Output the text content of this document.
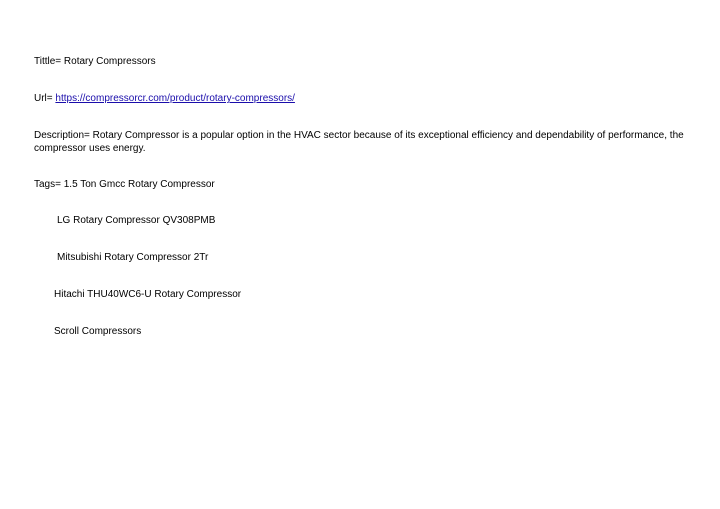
Tittle= Rotary Compressors
Url= https://compressorcr.com/product/rotary-compressors/
Description= Rotary Compressor is a popular option in the HVAC sector because of its exceptional efficiency and dependability of performance, the compressor uses energy.
Tags= 1.5 Ton Gmcc Rotary Compressor
LG Rotary Compressor QV308PMB
Mitsubishi Rotary Compressor 2Tr
Hitachi THU40WC6-U Rotary Compressor
Scroll Compressors
